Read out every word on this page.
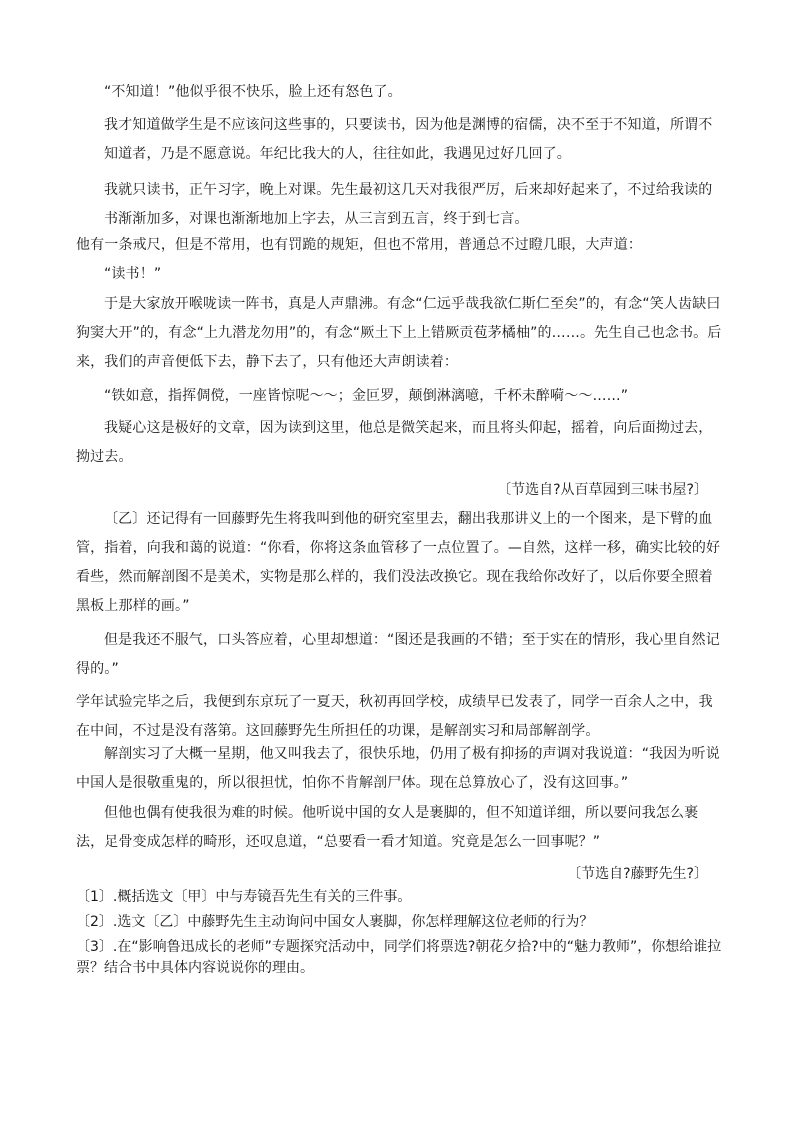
“不知道！”他似乎很不快乐，脸上还有怒色了。
我才知道做学生是不应该问这些事的，只要读书，因为他是渊博的宿儒，决不至于不知道，所谓不知道者，乃是不愿意说。年纪比我大的人，往往如此，我遇见过好几回了。
我就只读书，正午习字，晚上对课。先生最初这几天对我很严厉，后来却好起来了，不过给我读的书渐渐加多，对课也渐渐地加上字去，从三言到五言，终于到七言。
他有一条戒尺，但是不常用，也有罚跪的规矩，但也不常用，普通总不过瞪几眼，大声道：
“读书！”
于是大家放开喉咙读一阵书，真是人声鼎沸。有念“仁远乎哉我欲仁斯仁至矣”的，有念“笑人齿缺曰狗窦大开”的，有念“上九潜龙勿用”的，有念“厥土下上上错厥贡苞茅橘柚”的……。先生自己也念书。后来，我们的声音便低下去，静下去了，只有他还大声朗读着：
“铁如意，指挥倜傥，一座皆惊呢～～；金叵罗，颠倒淋漓噫，千杯未醉嗬～～……”
我疑心这是极好的文章，因为读到这里，他总是微笑起来，而且将头仰起，摇着，向后面拗过去，拗过去。
〔节选自?从百草园到三味书屋?〕
〔乙〕还记得有一回藤野先生将我叫到他的研究室里去，翻出我那讲义上的一个图来，是下臂的血管，指着，向我和蔼的说道：“你看，你将这条血管移了一点位置了。—自然，这样一移，确实比较的好看些，然而解剖图不是美术，实物是那么样的，我们没法改换它。现在我给你改好了，以后你要全照着黑板上那样的画。”
但是我还不服气，口头答应着，心里却想道：“图还是我画的不错；至于实在的情形，我心里自然记得的。”
学年试验完毕之后，我便到东京玩了一夏天，秋初再回学校，成绩早已发表了，同学一百余人之中，我在中间，不过是没有落第。这回藤野先生所担任的功课，是解剖实习和局部解剖学。
解剖实习了大概一星期，他又叫我去了，很快乐地，仍用了极有抑扬的声调对我说道：“我因为听说中国人是很敬重鬼的，所以很担忧，怕你不肯解剖尸体。现在总算放心了，没有这回事。”
但他也偶有使我很为难的时候。他听说中国的女人是裹脚的，但不知道详细，所以要问我怎么裹法，足骨变成怎样的畸形，还叹息道，“总要看一看才知道。究竟是怎么一回事呢？”
〔节选自?藤野先生?〕
〔1〕.概括选文〔甲〕中与寿镜吾先生有关的三件事。
〔2〕.选文〔乙〕中藤野先生主动询问中国女人裹脚，你怎样理解这位老师的行为？
〔3〕.在“影响鲁迅成长的老师”专题探究活动中，同学们将票选?朝花夕拾?中的“魅力教师”，你想给谁拉票？结合书中具体内容说说你的理由。
